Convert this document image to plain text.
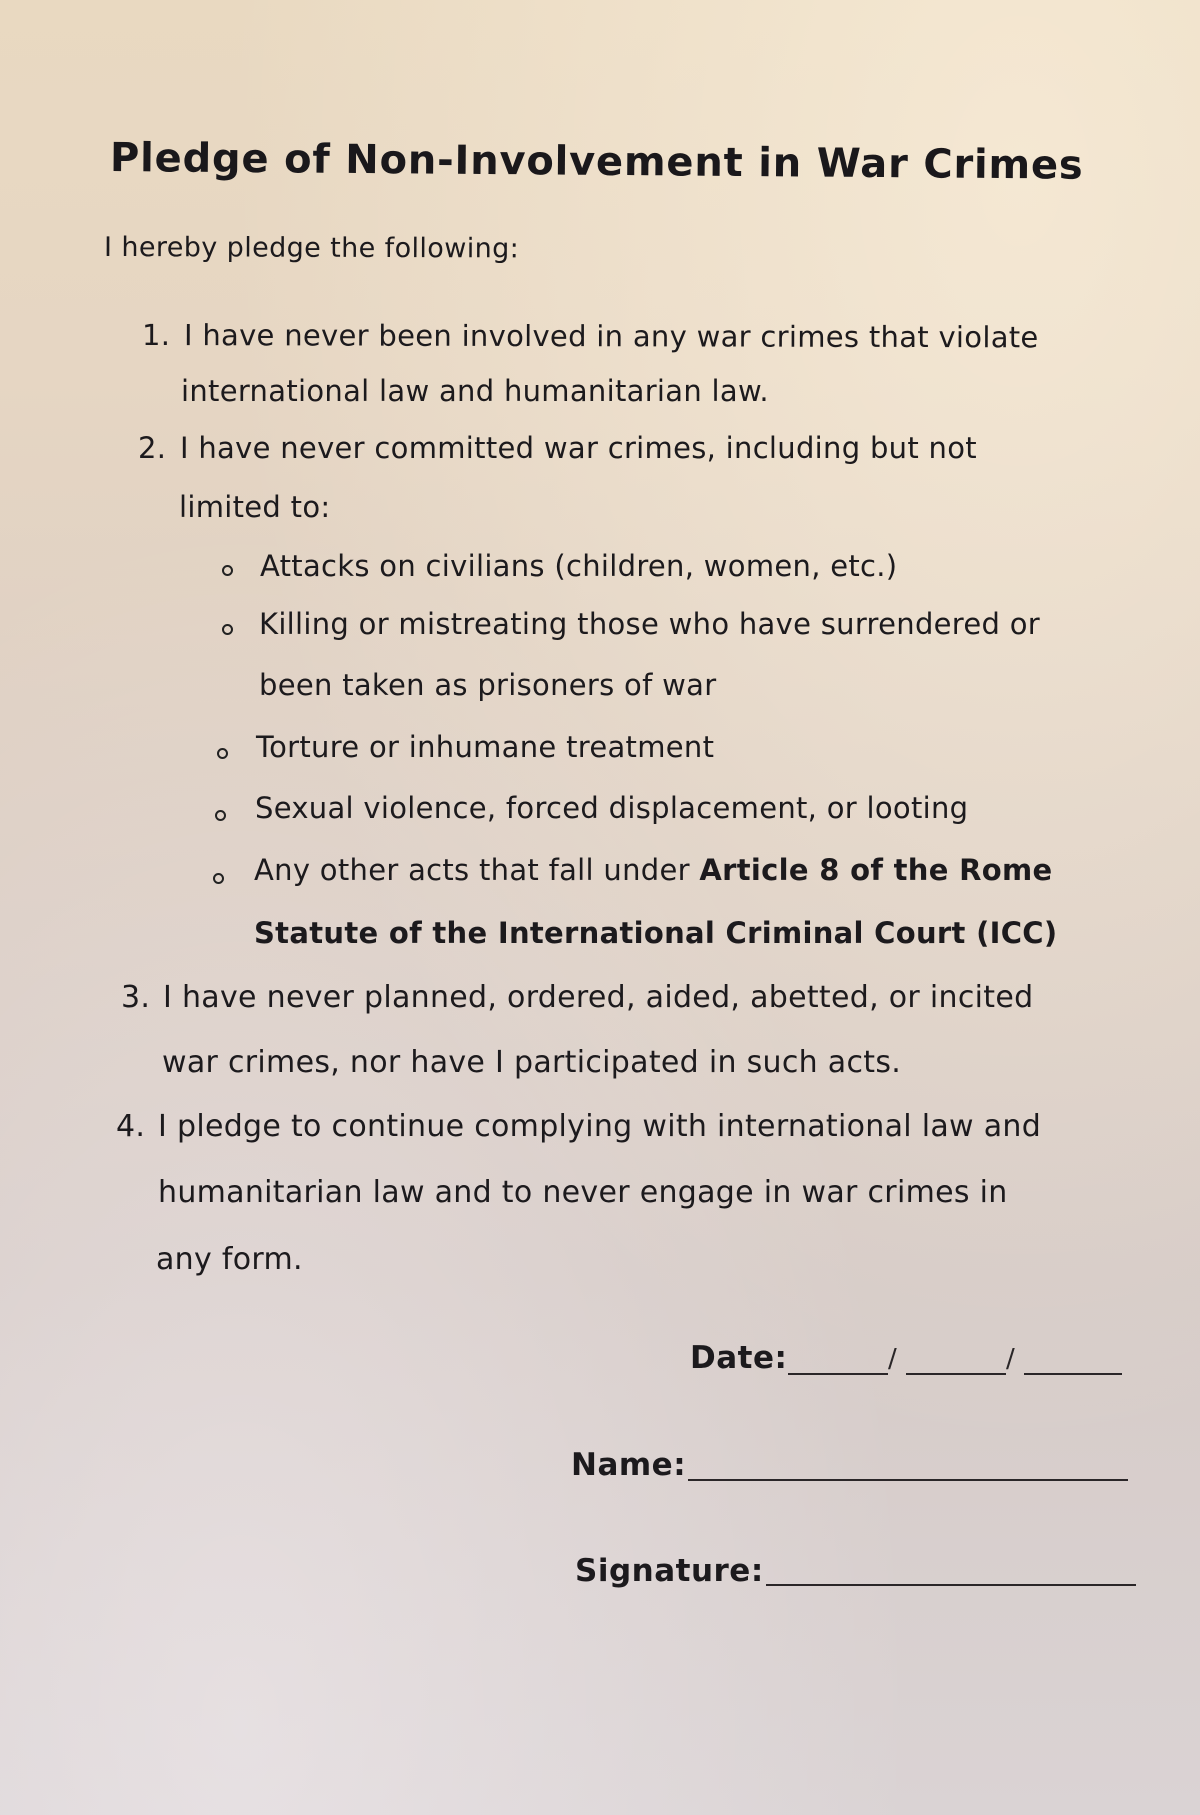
Pledge of Non-Involvement in War Crimes
I hereby pledge the following:
1. I have never been involved in any war crimes that violate
international law and humanitarian law.
2. I have never committed war crimes, including but not
limited to:
Attacks on civilians (children, women, etc.)
Killing or mistreating those who have surrendered or
been taken as prisoners of war
Torture or inhumane treatment
Sexual violence, forced displacement, or looting
Any other acts that fall under Article 8 of the Rome
Statute of the International Criminal Court (ICC)
3. I have never planned, ordered, aided, abetted, or incited
war crimes, nor have I participated in such acts.
4. I pledge to continue complying with international law and
humanitarian law and to never engage in war crimes in
any form.
Date:	/	/
Name:
Signature:
